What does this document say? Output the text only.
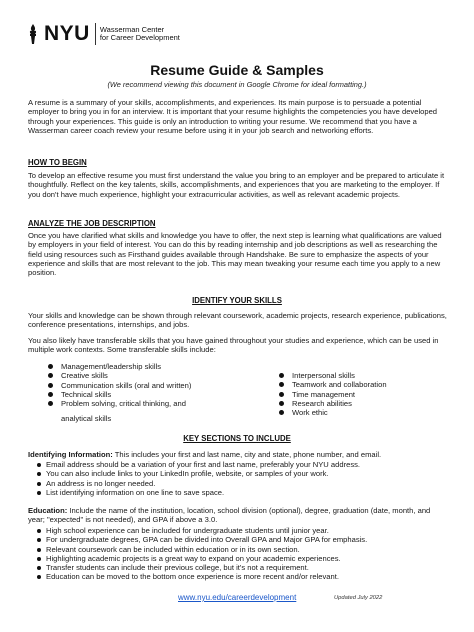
NYU Wasserman Center
for Career Development
Resume Guide & Samples
(We recommend viewing this document in Google Chrome for ideal formatting.)
A resume is a summary of your skills, accomplishments, and experiences. Its main purpose is to persuade a potential employer to bring you in for an interview. It is important that your resume highlights the competencies you have developed through your experiences. This guide is only an introduction to writing your resume. We recommend that you have a Wasserman career coach review your resume before using it in your job search and networking efforts.
HOW TO BEGIN
To develop an effective resume you must first understand the value you bring to an employer and be prepared to articulate it thoughtfully. Reflect on the key talents, skills, accomplishments, and experiences that you are marketing to the employer. If you don't have much experience, highlight your extracurricular activities, as well as relevant academic projects.
ANALYZE THE JOB DESCRIPTION
Once you have clarified what skills and knowledge you have to offer, the next step is learning what qualifications are valued by employers in your field of interest. You can do this by reading internship and job descriptions as well as researching the field using resources such as Firsthand guides available through Handshake. Be sure to emphasize the aspects of your experience and skills that are most relevant to the job. This may mean tweaking your resume each time you apply to a new position.
IDENTIFY YOUR SKILLS
Your skills and knowledge can be shown through relevant coursework, academic projects, research experience, publications, conference presentations, internships, and jobs.
You also likely have transferable skills that you have gained throughout your studies and experience, which can be used in multiple work contexts. Some transferable skills include:
Management/leadership skills
Creative skills
Communication skills (oral and written)
Technical skills
Problem solving, critical thinking, and
analytical skills
Interpersonal skills
Teamwork and collaboration
Time management
Research abilities
Work ethic
KEY SECTIONS TO INCLUDE
Identifying Information: This includes your first and last name, city and state, phone number, and email.
Email address should be a variation of your first and last name, preferably your NYU address.
You can also include links to your LinkedIn profile, website, or samples of your work.
An address is no longer needed.
List identifying information on one line to save space.
Education: Include the name of the institution, location, school division (optional), degree, graduation (date, month, and year; "expected" is not needed), and GPA if above a 3.0.
High school experience can be included for undergraduate students until junior year.
For undergraduate degrees, GPA can be divided into Overall GPA and Major GPA for emphasis.
Relevant coursework can be included within education or in its own section.
Highlighting academic projects is a great way to expand on your academic experiences.
Transfer students can include their previous college, but it's not a requirement.
Education can be moved to the bottom once experience is more recent and/or relevant.
www.nyu.edu/careerdevelopment	Updated July 2022
